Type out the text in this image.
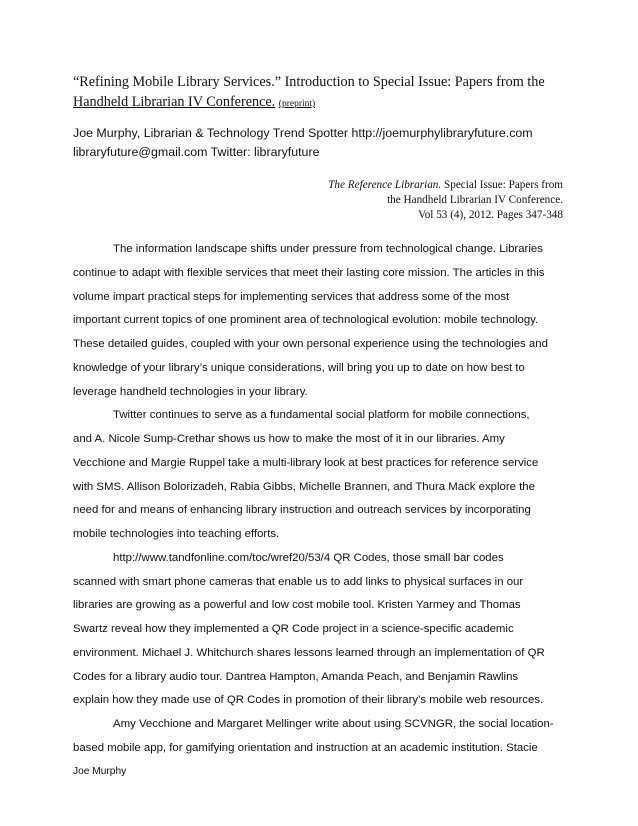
“Refining Mobile Library Services.” Introduction to Special Issue: Papers from the
Handheld Librarian IV Conference. (preprint)
Joe Murphy, Librarian & Technology Trend Spotter http://joemurphylibraryfuture.com
libraryfuture@gmail.com Twitter: libraryfuture
The Reference Librarian. Special Issue: Papers from
the Handheld Librarian IV Conference.
Vol 53 (4), 2012. Pages 347-348
The information landscape shifts under pressure from technological change. Libraries
continue to adapt with flexible services that meet their lasting core mission. The articles in this
volume impart practical steps for implementing services that address some of the most
important current topics of one prominent area of technological evolution: mobile technology.
These detailed guides, coupled with your own personal experience using the technologies and
knowledge of your library’s unique considerations, will bring you up to date on how best to
leverage handheld technologies in your library.
Twitter continues to serve as a fundamental social platform for mobile connections,
and A. Nicole Sump-Crethar shows us how to make the most of it in our libraries. Amy
Vecchione and Margie Ruppel take a multi-library look at best practices for reference service
with SMS. Allison Bolorizadeh, Rabia Gibbs, Michelle Brannen, and Thura Mack explore the
need for and means of enhancing library instruction and outreach services by incorporating
mobile technologies into teaching efforts.
http://www.tandfonline.com/toc/wref20/53/4 QR Codes, those small bar codes
scanned with smart phone cameras that enable us to add links to physical surfaces in our
libraries are growing as a powerful and low cost mobile tool. Kristen Yarmey and Thomas
Swartz reveal how they implemented a QR Code project in a science-specific academic
environment. Michael J. Whitchurch shares lessons learned through an implementation of QR
Codes for a library audio tour. Dantrea Hampton, Amanda Peach, and Benjamin Rawlins
explain how they made use of QR Codes in promotion of their library’s mobile web resources.
Amy Vecchione and Margaret Mellinger write about using SCVNGR, the social location-
based mobile app, for gamifying orientation and instruction at an academic institution. Stacie
Joe Murphy
